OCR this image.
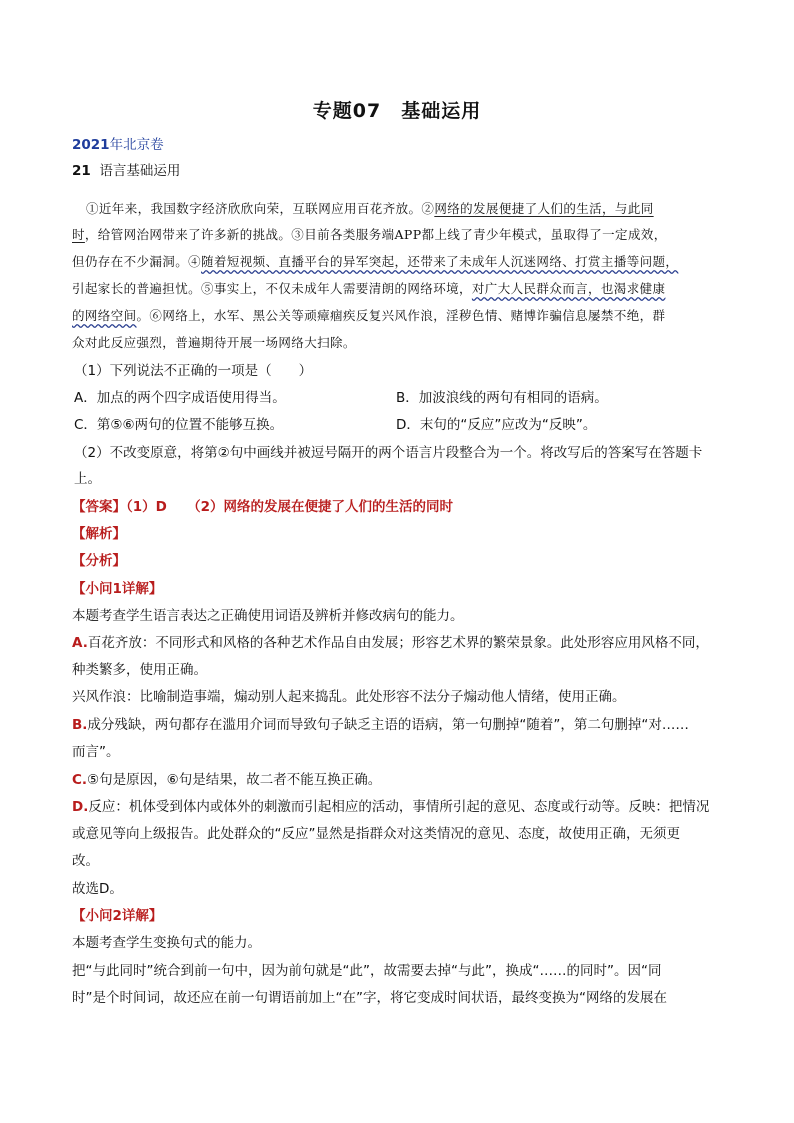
专题07　基础运用
2021年北京卷
21 语言基础运用
①近年来，我国数字经济欣欣向荣，互联网应用百花齐放。②网络的发展便捷了人们的生活，与此同
时，给管网治网带来了许多新的挑战。③目前各类服务端APP都上线了青少年模式，虽取得了一定成效，
但仍存在不少漏洞。④随着短视频、直播平台的异军突起，还带来了未成年人沉迷网络、打赏主播等问题，
引起家长的普遍担忧。⑤事实上，不仅未成年人需要清朗的网络环境，对广大人民群众而言，也渴求健康
的网络空间。⑥网络上，水军、黑公关等顽瘴痼疾反复兴风作浪，淫秽色情、赌博诈骗信息屡禁不绝，群
众对此反应强烈，普遍期待开展一场网络大扫除。
（1）下列说法不正确的一项是（　　）
A．加点的两个四字成语使用得当。	B．加波浪线的两句有相同的语病。
C．第⑤⑥两句的位置不能够互换。	D．末句的“反应”应改为“反映”。
（2）不改变原意，将第②句中画线并被逗号隔开的两个语言片段整合为一个。将改写后的答案写在答题卡
上。
【答案】（1）D　　（2）网络的发展在便捷了人们的生活的同时
【解析】
【分析】
【小问1详解】
本题考查学生语言表达之正确使用词语及辨析并修改病句的能力。
A.百花齐放：不同形式和风格的各种艺术作品自由发展；形容艺术界的繁荣景象。此处形容应用风格不同，
种类繁多，使用正确。
兴风作浪：比喻制造事端，煽动别人起来捣乱。此处形容不法分子煽动他人情绪，使用正确。
B.成分残缺，两句都存在滥用介词而导致句子缺乏主语的语病，第一句删掉“随着”，第二句删掉“对……
而言”。
C.⑤句是原因，⑥句是结果，故二者不能互换正确。
D.反应：机体受到体内或体外的刺激而引起相应的活动，事情所引起的意见、态度或行动等。反映：把情况
或意见等向上级报告。此处群众的“反应”显然是指群众对这类情况的意见、态度，故使用正确，无须更
改。
故选D。
【小问2详解】
本题考查学生变换句式的能力。
把“与此同时”统合到前一句中，因为前句就是“此”，故需要去掉“与此”，换成“……的同时”。因“同
时”是个时间词，故还应在前一句谓语前加上“在”字，将它变成时间状语，最终变换为“网络的发展在
